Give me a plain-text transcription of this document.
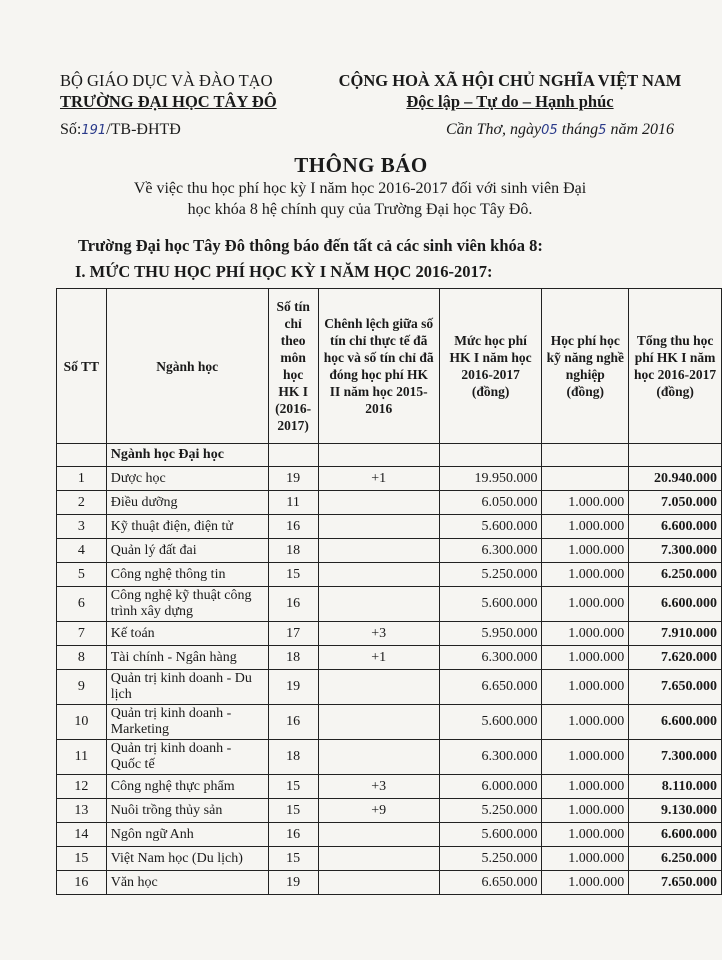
BỘ GIÁO DỤC VÀ ĐÀO TẠO
TRƯỜNG ĐẠI HỌC TÂY ĐÔ
CỘNG HOÀ XÃ HỘI CHỦ NGHĨA VIỆT NAM
Độc lập – Tự do – Hạnh phúc
Số:191/TB-ĐHTĐ	Cần Thơ, ngày05 tháng5 năm 2016
THÔNG BÁO
Về việc thu học phí học kỳ I năm học 2016-2017 đối với sinh viên Đại
học khóa 8 hệ chính quy của Trường Đại học Tây Đô.
Trường Đại học Tây Đô thông báo đến tất cả các sinh viên khóa 8:
I. MỨC THU HỌC PHÍ HỌC KỲ I NĂM HỌC 2016-2017:
Số TT	Ngành học	Số tín chỉ theo môn học HK I (2016-2017)	Chênh lệch giữa số tín chỉ thực tế đã học và số tín chỉ đã đóng học phí HK II năm học 2015-2016	Mức học phí HK I năm học 2016-2017 (đồng)	Học phí học kỹ năng nghề nghiệp (đồng)	Tổng thu học phí HK I năm học 2016-2017 (đồng)
	Ngành học Đại học					
1	Dược học	19	+1	19.950.000		20.940.000
2	Điều dưỡng	11		6.050.000	1.000.000	7.050.000
3	Kỹ thuật điện, điện tử	16		5.600.000	1.000.000	6.600.000
4	Quản lý đất đai	18		6.300.000	1.000.000	7.300.000
5	Công nghệ thông tin	15		5.250.000	1.000.000	6.250.000
6	Công nghệ kỹ thuật công trình xây dựng	16		5.600.000	1.000.000	6.600.000
7	Kế toán	17	+3	5.950.000	1.000.000	7.910.000
8	Tài chính - Ngân hàng	18	+1	6.300.000	1.000.000	7.620.000
9	Quản trị kinh doanh - Du lịch	19		6.650.000	1.000.000	7.650.000
10	Quản trị kinh doanh - Marketing	16		5.600.000	1.000.000	6.600.000
11	Quản trị kinh doanh - Quốc tế	18		6.300.000	1.000.000	7.300.000
12	Công nghệ thực phẩm	15	+3	6.000.000	1.000.000	8.110.000
13	Nuôi trồng thủy sản	15	+9	5.250.000	1.000.000	9.130.000
14	Ngôn ngữ Anh	16		5.600.000	1.000.000	6.600.000
15	Việt Nam học (Du lịch)	15		5.250.000	1.000.000	6.250.000
16	Văn học	19		6.650.000	1.000.000	7.650.000
